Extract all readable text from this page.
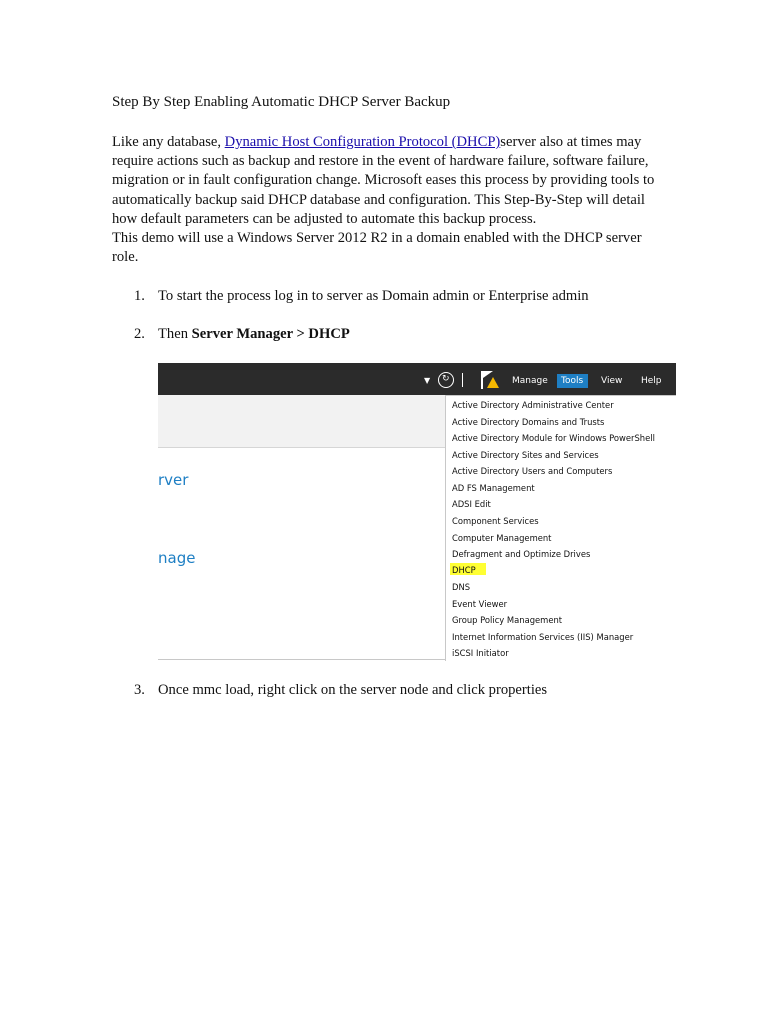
Step By Step Enabling Automatic DHCP Server Backup
Like any database, Dynamic Host Configuration Protocol (DHCP)server also at times may require actions such as backup and restore in the event of hardware failure, software failure, migration or in fault configuration change. Microsoft eases this process by providing tools to automatically backup said DHCP database and configuration. This Step-By-Step will detail how default parameters can be adjusted to automate this backup process.
This demo will use a Windows Server 2012 R2 in a domain enabled with the DHCP server role.
1. To start the process log in to server as Domain admin or Enterprise admin
2. Then Server Manager > DHCP
3. Once mmc load, right click on the server node and click properties
rver
nage
▼ ↻	Manage Tools View Help
Active Directory Administrative Center
Active Directory Domains and Trusts
Active Directory Module for Windows PowerShell
Active Directory Sites and Services
Active Directory Users and Computers
AD FS Management
ADSI Edit
Component Services
Computer Management
Defragment and Optimize Drives
DHCP
DNS
Event Viewer
Group Policy Management
Internet Information Services (IIS) Manager
iSCSI Initiator
